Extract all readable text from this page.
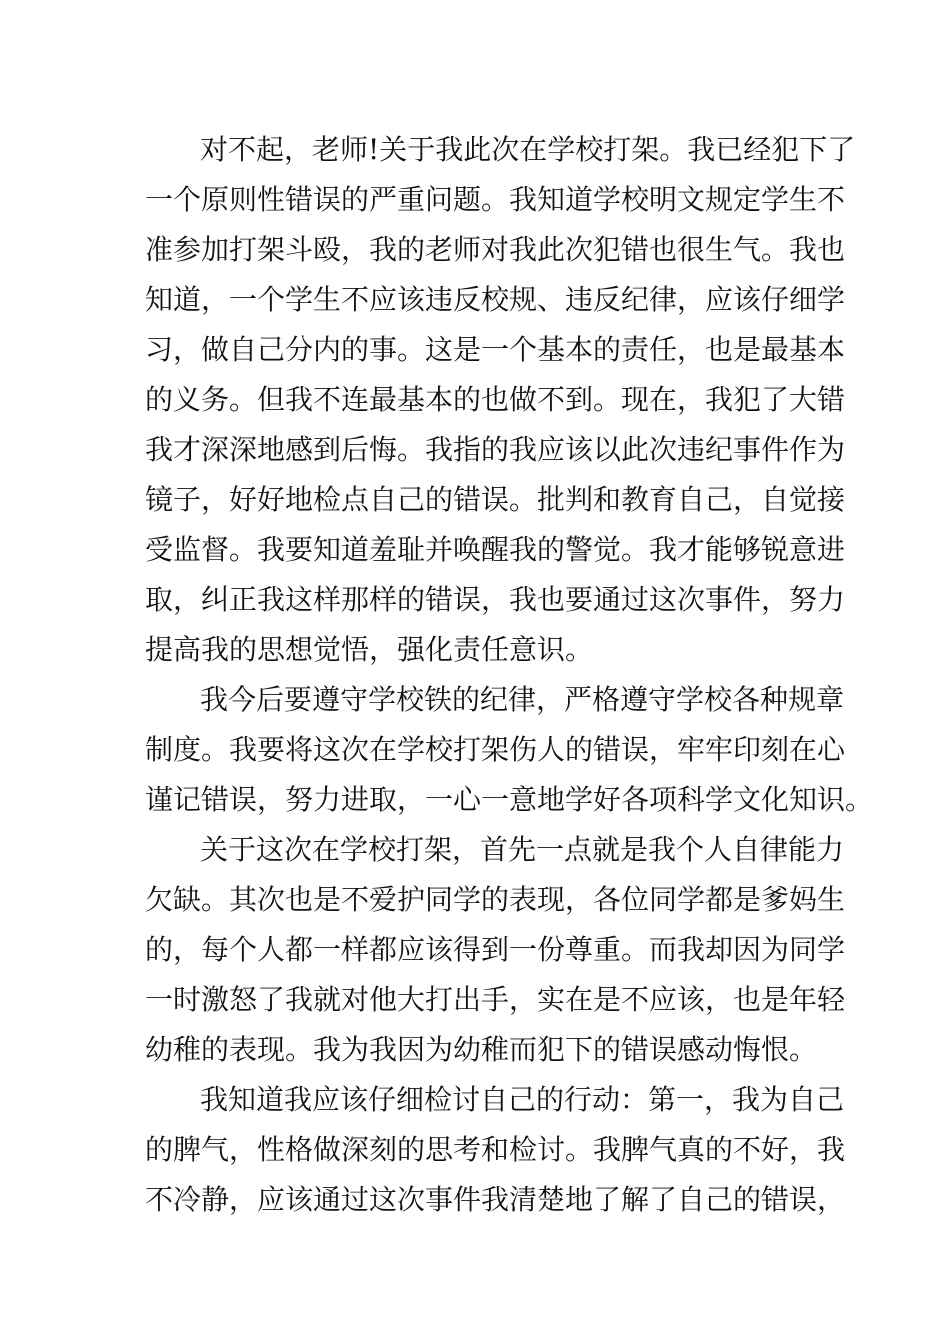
对不起，老师!关于我此次在学校打架。我已经犯下了
一个原则性错误的严重问题。我知道学校明文规定学生不
准参加打架斗殴，我的老师对我此次犯错也很生气。我也
知道，一个学生不应该违反校规、违反纪律，应该仔细学
习，做自己分内的事。这是一个基本的责任，也是最基本
的义务。但我不连最基本的也做不到。现在，我犯了大错
我才深深地感到后悔。我指的我应该以此次违纪事件作为
镜子，好好地检点自己的错误。批判和教育自己，自觉接
受监督。我要知道羞耻并唤醒我的警觉。我才能够锐意进
取，纠正我这样那样的错误，我也要通过这次事件，努力
提高我的思想觉悟，强化责任意识。
我今后要遵守学校铁的纪律，严格遵守学校各种规章
制度。我要将这次在学校打架伤人的错误，牢牢印刻在心
谨记错误，努力进取，一心一意地学好各项科学文化知识。
关于这次在学校打架，首先一点就是我个人自律能力
欠缺。其次也是不爱护同学的表现，各位同学都是爹妈生
的，每个人都一样都应该得到一份尊重。而我却因为同学
一时激怒了我就对他大打出手，实在是不应该，也是年轻
幼稚的表现。我为我因为幼稚而犯下的错误感动悔恨。
我知道我应该仔细检讨自己的行动：第一，我为自己
的脾气，性格做深刻的思考和检讨。我脾气真的不好，我
不冷静，应该通过这次事件我清楚地了解了自己的错误，
